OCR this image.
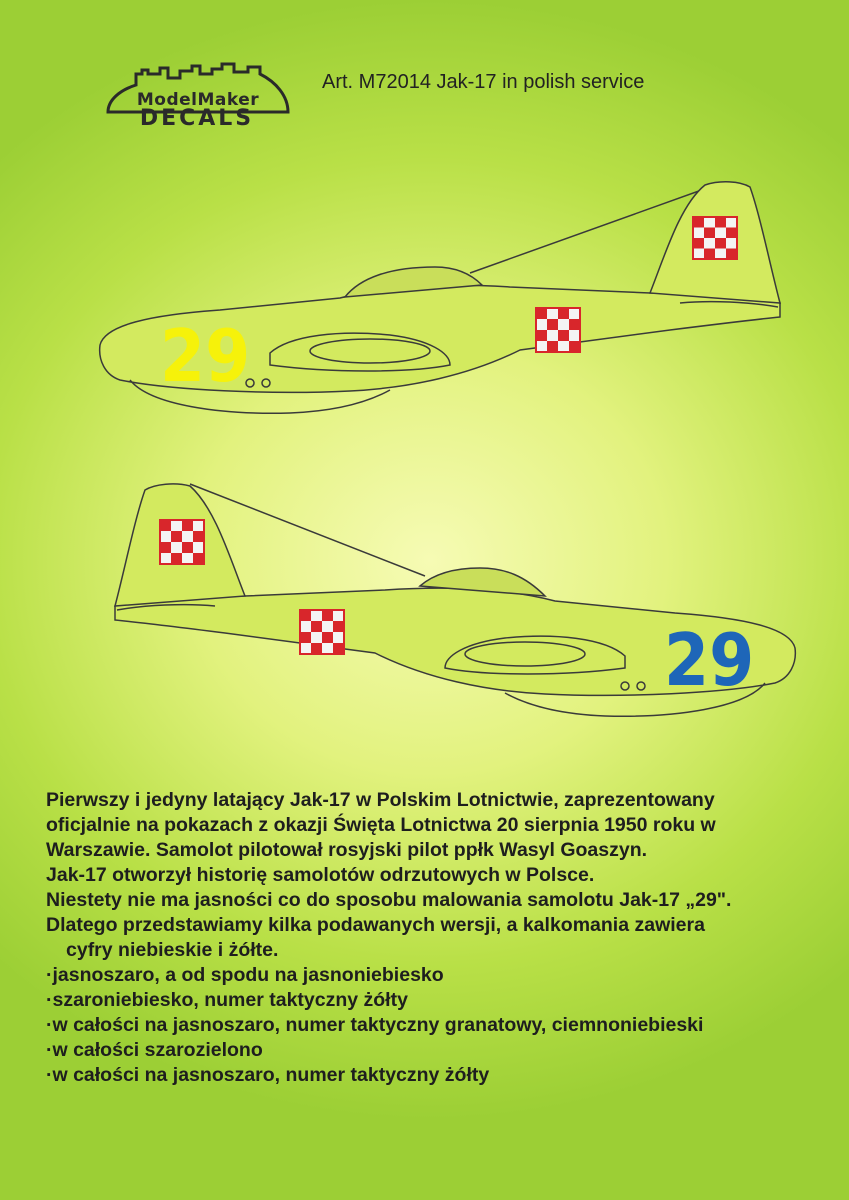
ModelMaker
DECALS
Art. M72014 Jak-17 in polish service
29
29

Pierwszy i jedyny latający Jak-17 w Polskim Lotnictwie, zaprezentowany

oficjalnie na pokazach z okazji Święta Lotnictwa 20 sierpnia 1950 roku w

Warszawie. Samolot pilotował rosyjski pilot ppłk Wasyl Goaszyn.

Jak-17 otworzył historię samolotów odrzutowych w Polsce.

Niestety nie ma jasności co do sposobu malowania samolotu Jak-17 „29".

Dlatego przedstawiamy kilka podawanych wersji, a kalkomania zawiera

cyfry niebieskie i żółte.

·jasnoszaro, a od spodu na jasnoniebiesko
·szaroniebiesko, numer taktyczny żółty
·w całości na jasnoszaro, numer taktyczny granatowy, ciemnoniebieski
·w całości szarozielono
·w całości na jasnoszaro, numer taktyczny żółty
